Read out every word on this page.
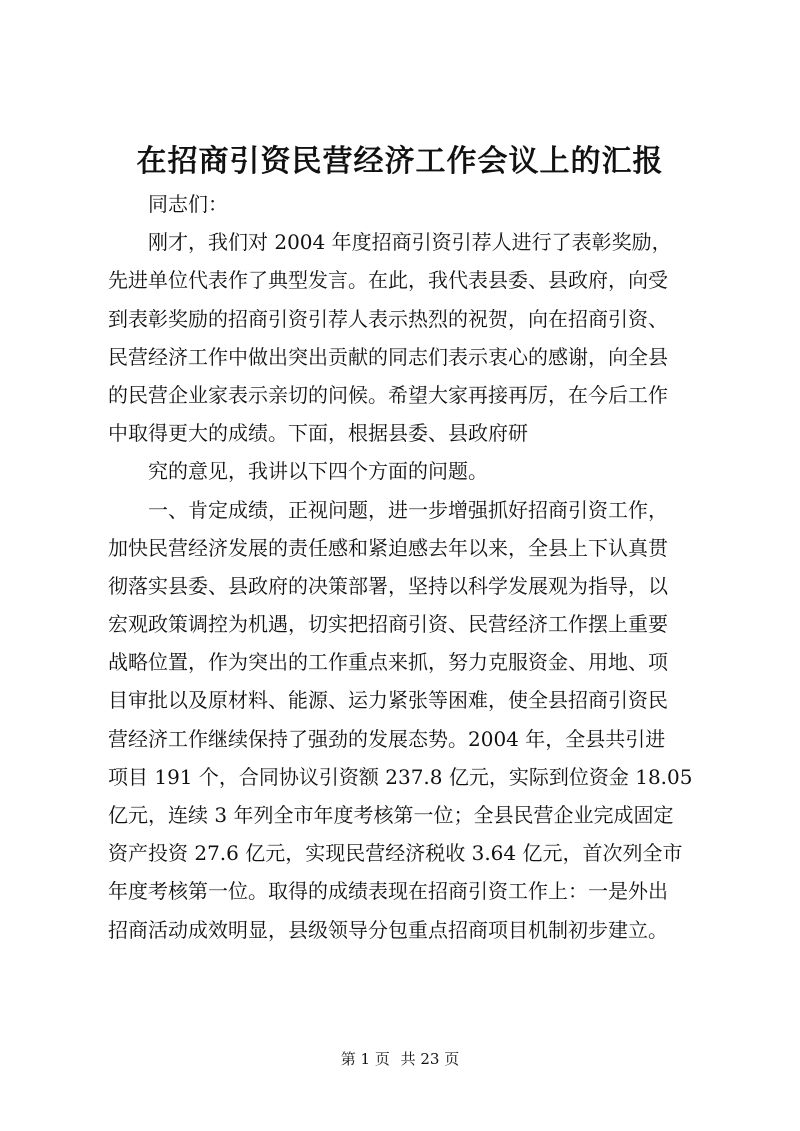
在招商引资民营经济工作会议上的汇报
同志们：
刚才，我们对 2004 年度招商引资引荐人进行了表彰奖励，
先进单位代表作了典型发言。在此，我代表县委、县政府，向受
到表彰奖励的招商引资引荐人表示热烈的祝贺，向在招商引资、
民营经济工作中做出突出贡献的同志们表示衷心的感谢，向全县
的民营企业家表示亲切的问候。希望大家再接再厉，在今后工作
中取得更大的成绩。下面，根据县委、县政府研
究的意见，我讲以下四个方面的问题。
一、肯定成绩，正视问题，进一步增强抓好招商引资工作，
加快民营经济发展的责任感和紧迫感去年以来，全县上下认真贯
彻落实县委、县政府的决策部署，坚持以科学发展观为指导，以
宏观政策调控为机遇，切实把招商引资、民营经济工作摆上重要
战略位置，作为突出的工作重点来抓，努力克服资金、用地、项
目审批以及原材料、能源、运力紧张等困难，使全县招商引资民
营经济工作继续保持了强劲的发展态势。2004 年，全县共引进
项目 191 个，合同协议引资额 237.8 亿元，实际到位资金 18.05
亿元，连续 3 年列全市年度考核第一位；全县民营企业完成固定
资产投资 27.6 亿元，实现民营经济税收 3.64 亿元，首次列全市
年度考核第一位。取得的成绩表现在招商引资工作上：一是外出
招商活动成效明显，县级领导分包重点招商项目机制初步建立。
第 1 页 共 23 页
